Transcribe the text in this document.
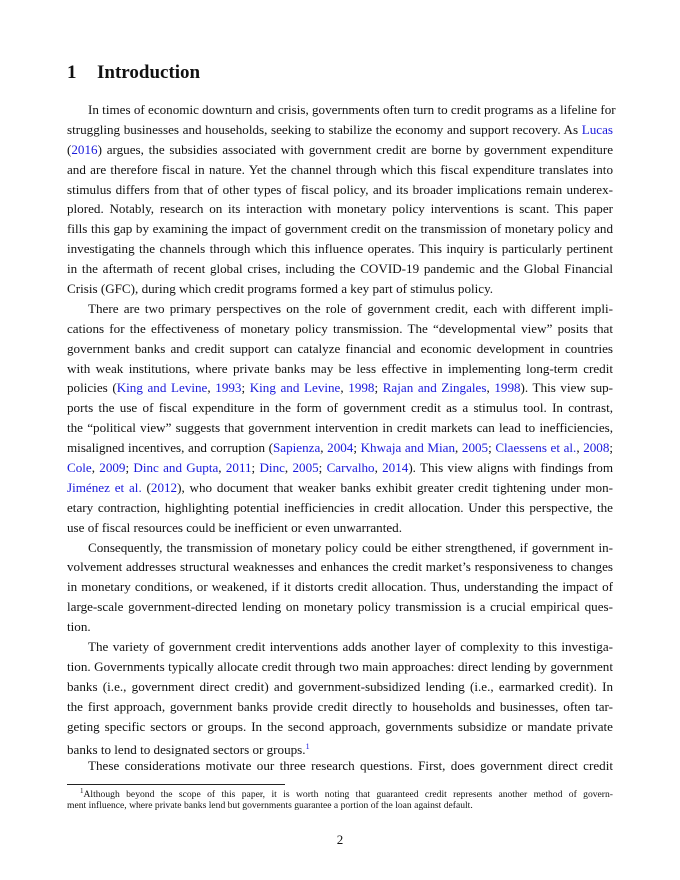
1 Introduction
In times of economic downturn and crisis, governments often turn to credit programs as a lifeline for
struggling businesses and households, seeking to stabilize the economy and support recovery. As Lucas
(2016) argues, the subsidies associated with government credit are borne by government expenditure
and are therefore fiscal in nature. Yet the channel through which this fiscal expenditure translates into
stimulus differs from that of other types of fiscal policy, and its broader implications remain underex-
plored. Notably, research on its interaction with monetary policy interventions is scant. This paper
fills this gap by examining the impact of government credit on the transmission of monetary policy and
investigating the channels through which this influence operates. This inquiry is particularly pertinent
in the aftermath of recent global crises, including the COVID-19 pandemic and the Global Financial
Crisis (GFC), during which credit programs formed a key part of stimulus policy.
There are two primary perspectives on the role of government credit, each with different impli-
cations for the effectiveness of monetary policy transmission. The “developmental view” posits that
government banks and credit support can catalyze financial and economic development in countries
with weak institutions, where private banks may be less effective in implementing long-term credit
policies (King and Levine, 1993; King and Levine, 1998; Rajan and Zingales, 1998). This view sup-
ports the use of fiscal expenditure in the form of government credit as a stimulus tool. In contrast,
the “political view” suggests that government intervention in credit markets can lead to inefficiencies,
misaligned incentives, and corruption (Sapienza, 2004; Khwaja and Mian, 2005; Claessens et al., 2008;
Cole, 2009; Dinc and Gupta, 2011; Dinc, 2005; Carvalho, 2014). This view aligns with findings from
Jiménez et al. (2012), who document that weaker banks exhibit greater credit tightening under mon-
etary contraction, highlighting potential inefficiencies in credit allocation. Under this perspective, the
use of fiscal resources could be inefficient or even unwarranted.
Consequently, the transmission of monetary policy could be either strengthened, if government in-
volvement addresses structural weaknesses and enhances the credit market’s responsiveness to changes
in monetary conditions, or weakened, if it distorts credit allocation. Thus, understanding the impact of
large-scale government-directed lending on monetary policy transmission is a crucial empirical ques-
tion.
The variety of government credit interventions adds another layer of complexity to this investiga-
tion. Governments typically allocate credit through two main approaches: direct lending by government
banks (i.e., government direct credit) and government-subsidized lending (i.e., earmarked credit). In
the first approach, government banks provide credit directly to households and businesses, often tar-
geting specific sectors or groups. In the second approach, governments subsidize or mandate private
banks to lend to designated sectors or groups.$^1$
These considerations motivate our three research questions. First, does government direct credit
$^1$Although beyond the scope of this paper, it is worth noting that guaranteed credit represents another method of govern-
ment influence, where private banks lend but governments guarantee a portion of the loan against default.
2
